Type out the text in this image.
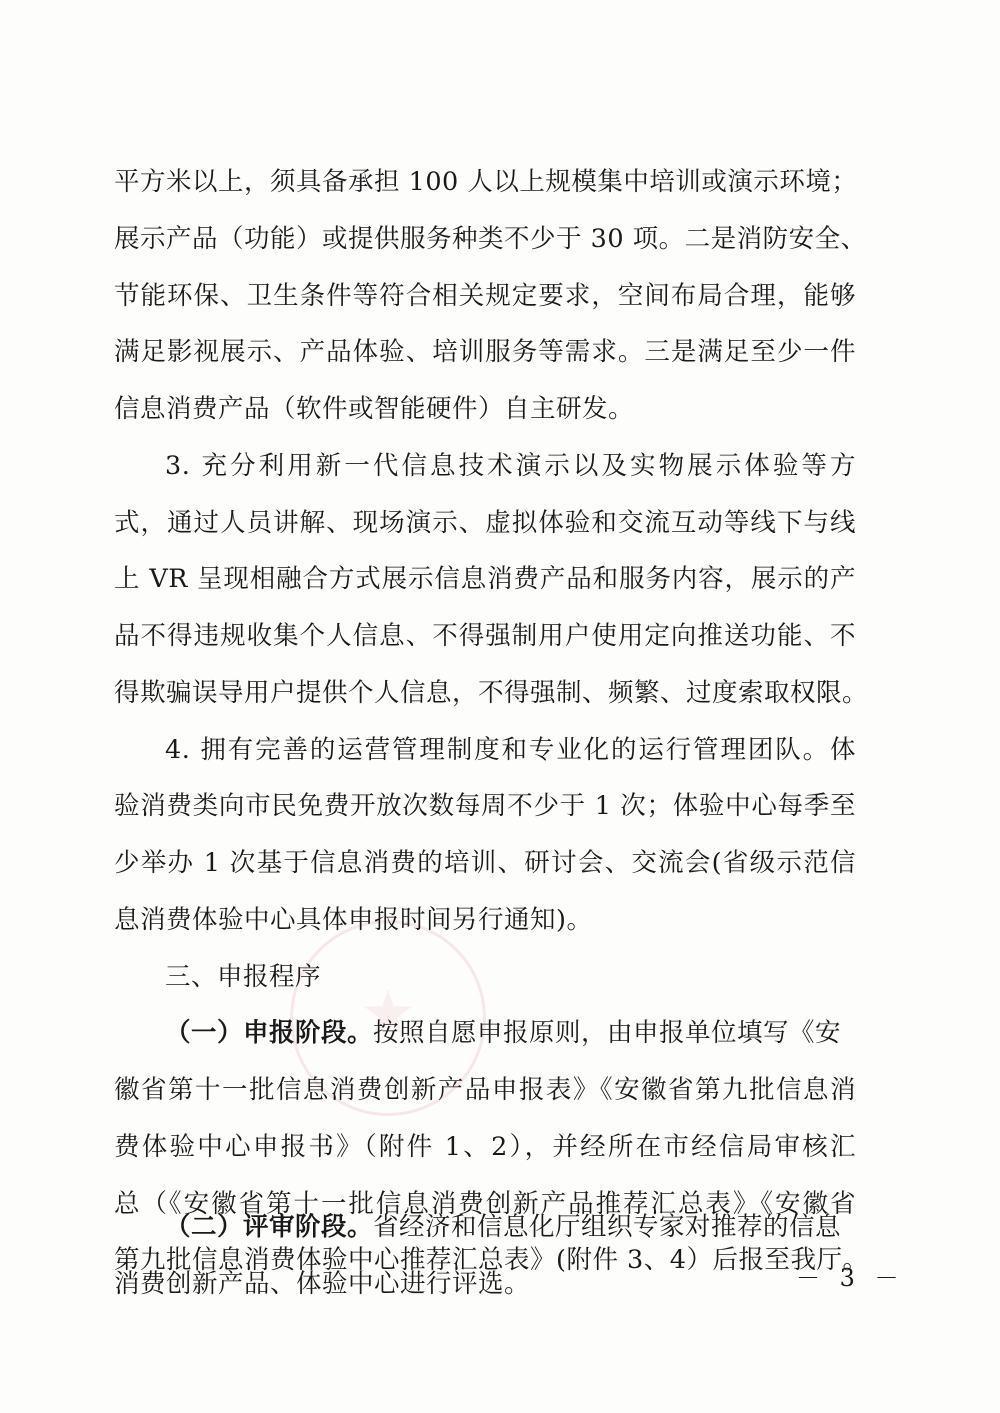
平方米以上，须具备承担 100 人以上规模集中培训或演示环境；
展示产品（功能）或提供服务种类不少于 30 项。二是消防安全、
节能环保、卫生条件等符合相关规定要求，空间布局合理，能够
满足影视展示、产品体验、培训服务等需求。三是满足至少一件
信息消费产品（软件或智能硬件）自主研发。
3. 充分利用新一代信息技术演示以及实物展示体验等方
式，通过人员讲解、现场演示、虚拟体验和交流互动等线下与线
上 VR 呈现相融合方式展示信息消费产品和服务内容，展示的产
品不得违规收集个人信息、不得强制用户使用定向推送功能、不
得欺骗误导用户提供个人信息，不得强制、频繁、过度索取权限。
4. 拥有完善的运营管理制度和专业化的运行管理团队。体
验消费类向市民免费开放次数每周不少于 1 次；体验中心每季至
少举办 1 次基于信息消费的培训、研讨会、交流会(省级示范信
息消费体验中心具体申报时间另行通知)。
三、申报程序
（一）申报阶段。按照自愿申报原则，由申报单位填写《安
徽省第十一批信息消费创新产品申报表》《安徽省第九批信息消
费体验中心申报书》（附件 1、2），并经所在市经信局审核汇
总（《安徽省第十一批信息消费创新产品推荐汇总表》《安徽省
第九批信息消费体验中心推荐汇总表》(附件 3、4）后报至我厅。
（二）评审阶段。省经济和信息化厅组织专家对推荐的信息
消费创新产品、体验中心进行评选。	－ 3 －
